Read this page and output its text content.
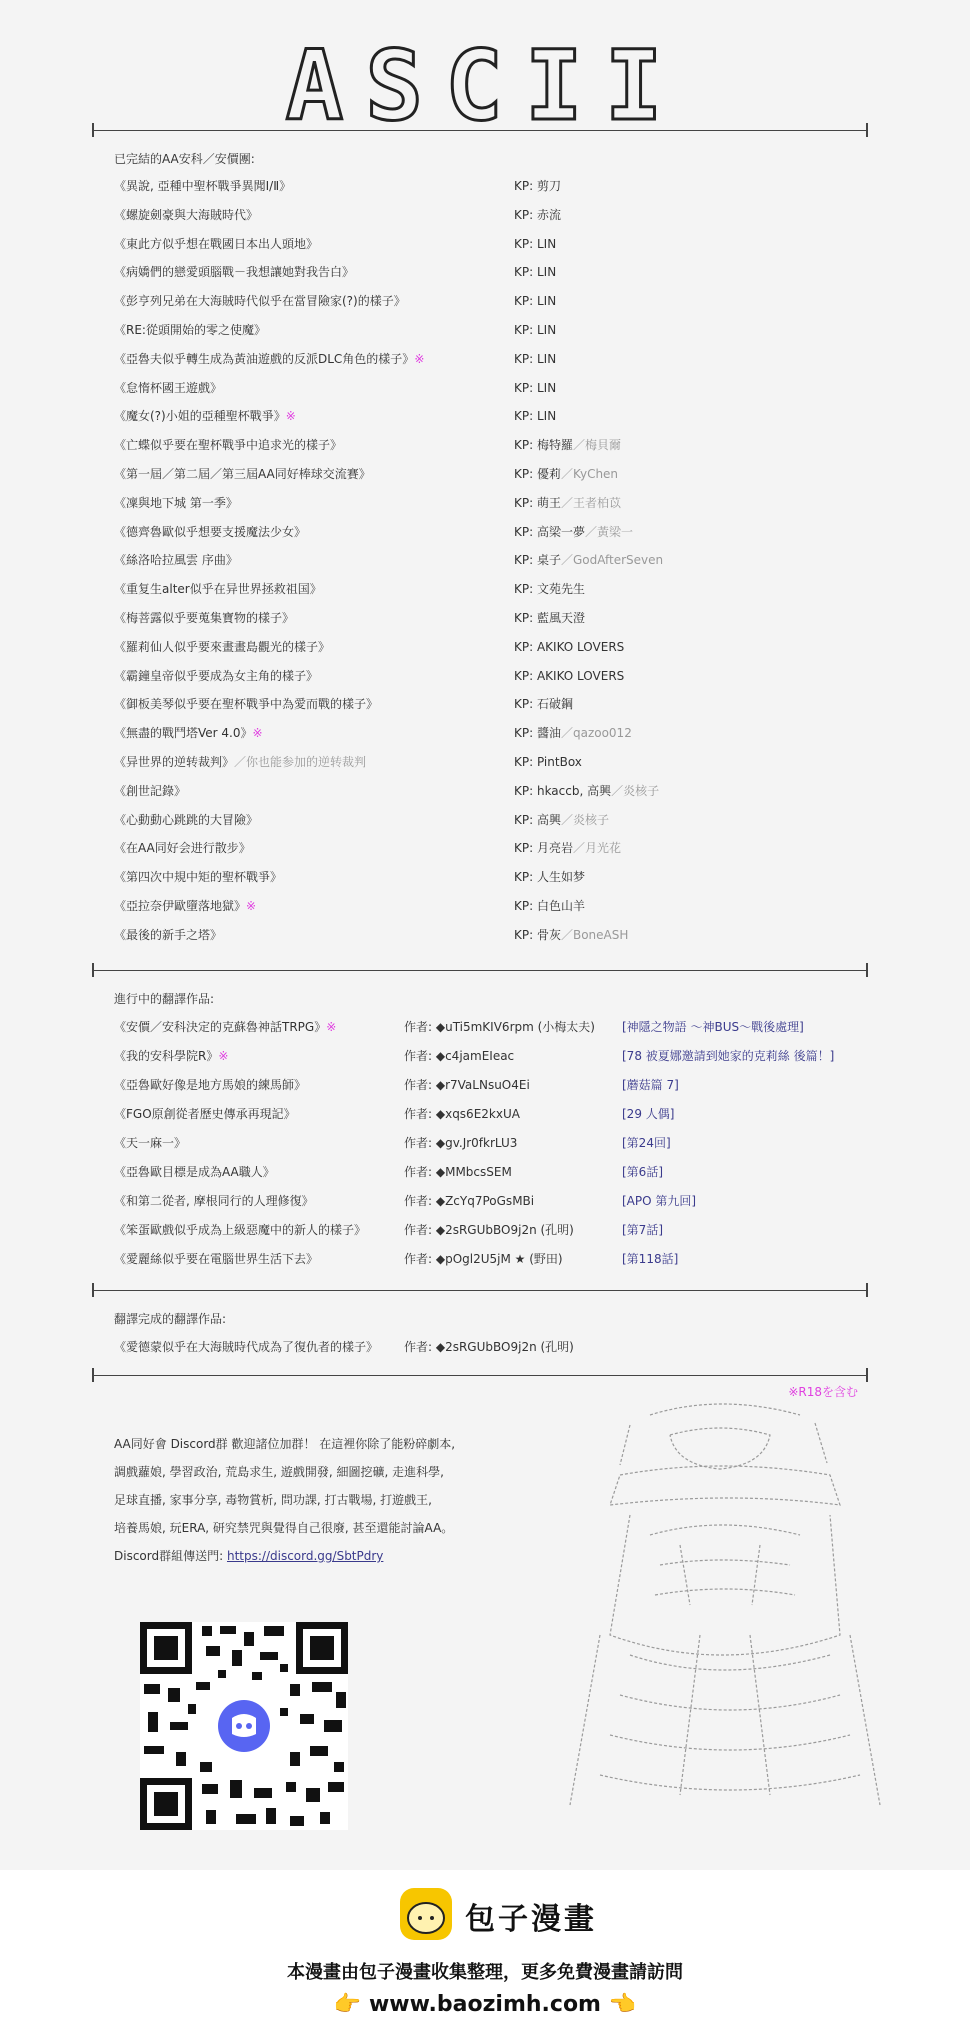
ASCII
已完結的AA安科／安價團:
《異說, 亞種中聖杯戰爭異聞Ⅰ/Ⅱ》	KP: 剪刀
《螺旋劍豪與大海賊時代》	KP: 赤流
《東此方似乎想在戰國日本出人頭地》	KP: LIN
《病嬌們的戀愛頭腦戰－我想讓她對我告白》	KP: LIN
《彭亨列兄弟在大海賊時代似乎在當冒險家(?)的樣子》	KP: LIN
《RE:從頭開始的零之使魔》	KP: LIN
《亞魯夫似乎轉生成為黃油遊戲的反派DLC角色的樣子》※	KP: LIN
《怠惰杯國王遊戲》	KP: LIN
《魔女(?)小姐的亞種聖杯戰爭》※	KP: LIN
《亡蝶似乎要在聖杯戰爭中追求光的樣子》	KP: 梅特羅／梅貝爾
《第一屆／第二屆／第三屆AA同好棒球交流賽》	KP: 優莉／KyChen
《凜與地下城 第一季》	KP: 萌王／王者柏苡
《德齊魯歐似乎想要支援魔法少女》	KP: 高梁一夢／黃梁一
《絲洛哈拉風雲 序曲》	KP: 桌子／GodAfterSeven
《重复生alter似乎在异世界拯救祖国》	KP: 文苑先生
《梅菩露似乎要蒐集寶物的樣子》	KP: 藍風天澄
《羅莉仙人似乎要來畫畫島觀光的樣子》	KP: AKIKO LOVERS
《霸鐘皇帝似乎要成為女主角的樣子》	KP: AKIKO LOVERS
《御板美琴似乎要在聖杯戰爭中為愛而戰的樣子》	KP: 石破鋼
《無盡的戰鬥塔Ver 4.0》※	KP: 醬油／qazoo012
《异世界的逆转裁判》／你也能参加的逆转裁判	KP: PintBox
《創世記錄》	KP: hkaccb, 高興／炎核子
《心動動心跳跳的大冒險》	KP: 高興／炎核子
《在AA同好会进行散步》	KP: 月亮岩／月光花
《第四次中規中矩的聖杯戰爭》	KP: 人生如梦
《亞拉奈伊歐墮落地獄》※	KP: 白色山羊
《最後的新手之塔》	KP: 骨灰／BoneASH
進行中的翻譯作品:
《安價／安科決定的克蘇魯神話TRPG》※	作者: ◆uTi5mKIV6rpm (小梅太夫) [神隱之物語 ～神BUS～戰後處理]
《我的安科學院R》※	作者: ◆c4jamEIeac	[78 被夏娜邀請到她家的克莉絲 後篇！]
《亞魯歐好像是地方馬娘的練馬師》	作者: ◆r7VaLNsuO4Ei	[蘑菇篇 7]
《FGO原創從者歷史傳承再現記》	作者: ◆xqs6E2kxUA	[29 人偶]
《天一麻一》	作者: ◆gv.Jr0fkrLU3	[第24回]
《亞魯歐目標是成為AA職人》	作者: ◆MMbcsSEM	[第6話]
《和第二從者, 摩根同行的人理修復》	作者: ◆ZcYq7PoGsMBi	[APO 第九回]
《笨蛋歐戲似乎成為上級惡魔中的新人的樣子》	作者: ◆2sRGUbBO9j2n (孔明)	[第7話]
《愛麗絲似乎要在電腦世界生活下去》	作者: ◆pOgl2U5jM ★ (野田)	[第118話]
翻譯完成的翻譯作品:
《愛德蒙似乎在大海賊時代成為了復仇者的樣子》 作者: ◆2sRGUbBO9j2n (孔明)
※R18を含む
AA同好會 Discord群 歡迎諸位加群！ 在這裡你除了能粉碎劇本,
調戲蘿娘, 學習政治, 荒島求生, 遊戲開發, 細圖挖礦, 走進科學,
足球直播, 家事分享, 毒物賞析, 問功課, 打古戰場, 打遊戲王,
培養馬娘, 玩ERA, 研究禁咒與覺得自己很廢, 甚至還能討論AA。
Discord群組傳送門: https://discord.gg/SbtPdry
包子漫畫
本漫畫由包子漫畫收集整理，更多免費漫畫請訪問
👉 www.baozimh.com 👈
